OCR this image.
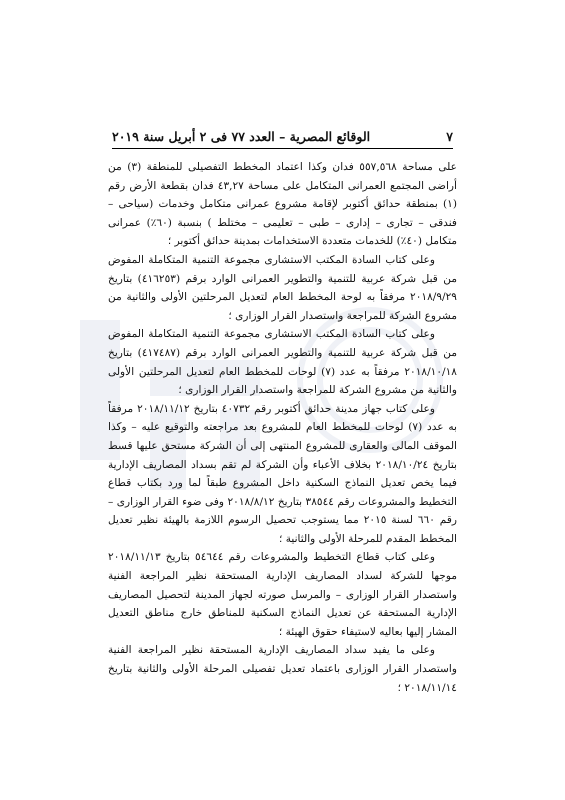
٧
الوقائع المصرية – العدد ٧٧ فى ٢ أبريل سنة ٢٠١٩

على مساحة ٥٥٧,٥٦٨ فدان وكذا اعتماد المخطط التفصيلى للمنطقة (٣) من أراضى المجتمع العمرانى المتكامل على مساحة ٤٣,٢٧ فدان بقطعة الأرض رقم (١) بمنطقة حدائق أكتوبر لإقامة مشروع عمرانى متكامل وخدمات (سياحى – فندقى – تجارى – إدارى – طبى – تعليمى – مختلط ) بنسبة (٦٠٪) عمرانى متكامل (٤٠٪) للخدمات متعددة الاستخدامات بمدينة حدائق أكتوبر ؛

وعلى كتاب السادة المكتب الاستشارى مجموعة التنمية المتكاملة المفوض من قبل شركة عربية للتنمية والتطوير العمرانى الوارد برقم (٤١٦٢٥٣) بتاريخ ٢٠١٨/٩/٢٩ مرفقاً به لوحة المخطط العام لتعديل المرحلتين الأولى والثانية من مشروع الشركة للمراجعة واستصدار القرار الوزارى ؛

وعلى كتاب السادة المكتب الاستشارى مجموعة التنمية المتكاملة المفوض من قبل شركة عربية للتنمية والتطوير العمرانى الوارد برقم (٤١٧٤٨٧) بتاريخ ٢٠١٨/١٠/١٨ مرفقاً به عدد (٧) لوحات للمخطط العام لتعديل المرحلتين الأولى والثانية من مشروع الشركة للمراجعة واستصدار القرار الوزارى ؛

وعلى كتاب جهاز مدينة حدائق أكتوبر رقم ٤٠٧٣٢ بتاريخ ٢٠١٨/١١/١٢ مرفقاً به عدد (٧) لوحات للمخطط العام للمشروع بعد مراجعته والتوقيع عليه – وكذا الموقف المالى والعقارى للمشروع المنتهى إلى أن الشركة مستحق عليها قسط بتاريخ ٢٠١٨/١٠/٢٤ بخلاف الأعباء وأن الشركة لم تقم بسداد المصاريف الإدارية فيما يخص تعديل النماذج السكنية داخل المشروع طبقاً لما ورد بكتاب قطاع التخطيط والمشروعات رقم ٣٨٥٤٤ بتاريخ ٢٠١٨/٨/١٢ وفى ضوء القرار الوزارى – رقم ٦٦٠ لسنة ٢٠١٥ مما يستوجب تحصيل الرسوم اللازمة بالهيئة نظير تعديل المخطط المقدم للمرحلة الأولى والثانية ؛

وعلى كتاب قطاع التخطيط والمشروعات رقم ٥٤٦٤٤ بتاريخ ٢٠١٨/١١/١٣ موجها للشركة لسداد المصاريف الإدارية المستحقة نظير المراجعة الفنية واستصدار القرار الوزارى – والمرسل صورته لجهاز المدينة لتحصيل المصاريف الإدارية المستحقة عن تعديل النماذج السكنية للمناطق خارج مناطق التعديل المشار إليها بعاليه لاستيفاء حقوق الهيئة ؛

وعلى ما يفيد سداد المصاريف الإدارية المستحقة نظير المراجعة الفنية واستصدار القرار الوزارى باعتماد تعديل تفصيلى المرحلة الأولى والثانية بتاريخ ٢٠١٨/١١/١٤ ؛
